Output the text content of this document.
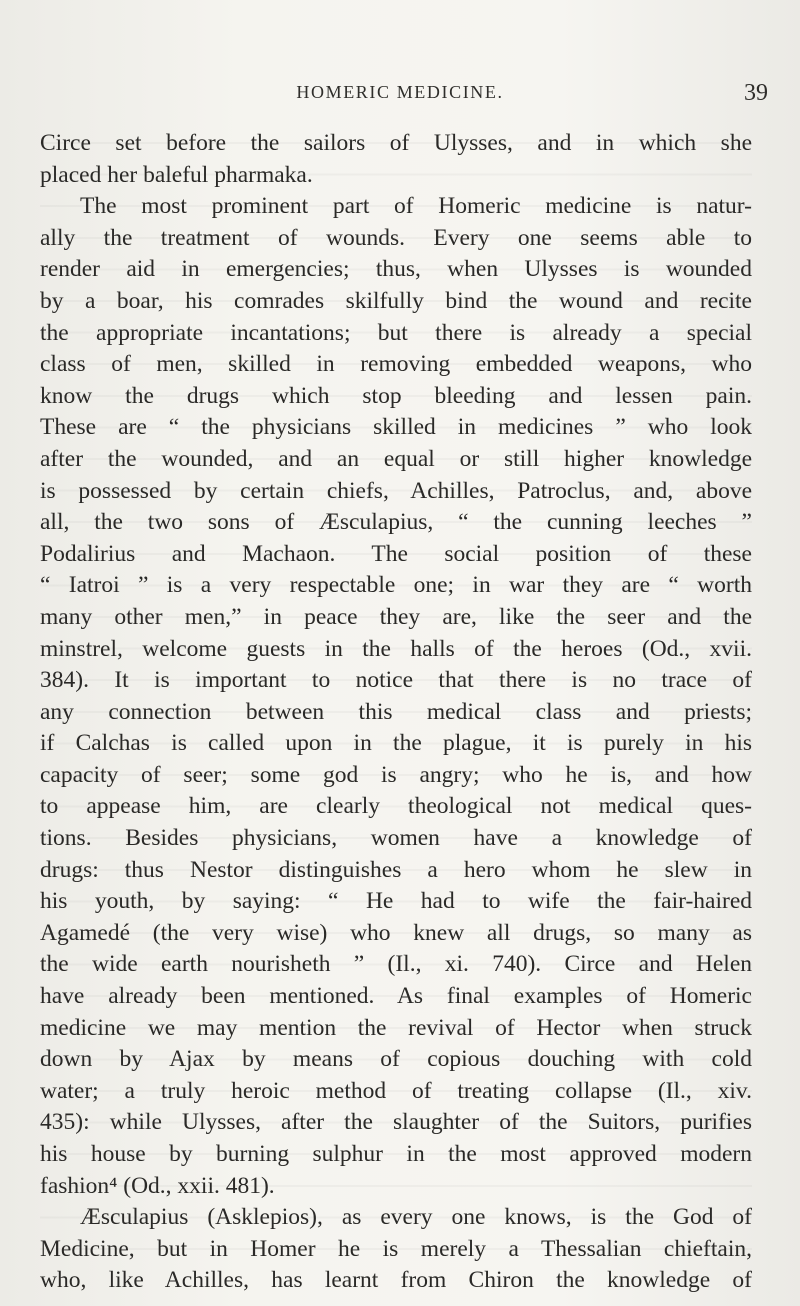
HOMERIC MEDICINE.	39
Circe set before the sailors of Ulysses, and in which she
placed her baleful pharmaka.
The most prominent part of Homeric medicine is natur-
ally the treatment of wounds. Every one seems able to
render aid in emergencies; thus, when Ulysses is wounded
by a boar, his comrades skilfully bind the wound and recite
the appropriate incantations; but there is already a special
class of men, skilled in removing embedded weapons, who
know the drugs which stop bleeding and lessen pain.
These are “ the physicians skilled in medicines ” who look
after the wounded, and an equal or still higher knowledge
is possessed by certain chiefs, Achilles, Patroclus, and, above
all, the two sons of Æsculapius, “ the cunning leeches ”
Podalirius and Machaon. The social position of these
“ Iatroi ” is a very respectable one; in war they are “ worth
many other men,” in peace they are, like the seer and the
minstrel, welcome guests in the halls of the heroes (Od., xvii.
384). It is important to notice that there is no trace of
any connection between this medical class and priests;
if Calchas is called upon in the plague, it is purely in his
capacity of seer; some god is angry; who he is, and how
to appease him, are clearly theological not medical ques-
tions. Besides physicians, women have a knowledge of
drugs: thus Nestor distinguishes a hero whom he slew in
his youth, by saying: “ He had to wife the fair-haired
Agamedé (the very wise) who knew all drugs, so many as
the wide earth nourisheth ” (Il., xi. 740). Circe and Helen
have already been mentioned. As final examples of Homeric
medicine we may mention the revival of Hector when struck
down by Ajax by means of copious douching with cold
water; a truly heroic method of treating collapse (Il., xiv.
435): while Ulysses, after the slaughter of the Suitors, purifies
his house by burning sulphur in the most approved modern
fashion⁴ (Od., xxii. 481).
Æsculapius (Asklepios), as every one knows, is the God of
Medicine, but in Homer he is merely a Thessalian chieftain,
who, like Achilles, has learnt from Chiron the knowledge of
